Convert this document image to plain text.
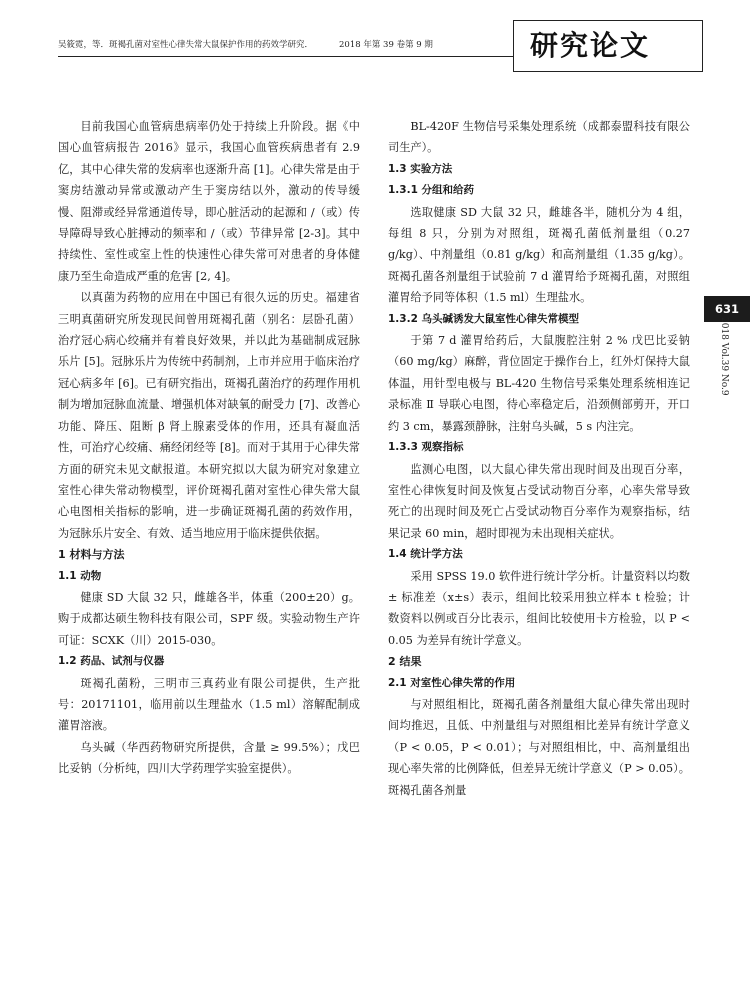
吴筱霓，等．斑褐孔菌对室性心律失常大鼠保护作用的药效学研究．	2018 年第 39 卷第 9 期	研究论文

目前我国心血管病患病率仍处于持续上升阶段。据《中国心血管病报告 2016》显示，我国心血管疾病患者有 2.9 亿，其中心律失常的发病率也逐渐升高 [1]。心律失常是由于窦房结激动异常或激动产生于窦房结以外，激动的传导缓慢、阻滞或经异常通道传导，即心脏活动的起源和 /（或）传导障碍导致心脏搏动的频率和 /（或）节律异常 [2-3]。其中持续性、室性或室上性的快速性心律失常可对患者的身体健康乃至生命造成严重的危害 [2, 4]。

以真菌为药物的应用在中国已有很久远的历史。福建省三明真菌研究所发现民间曾用斑褐孔菌（别名：层卧孔菌）治疗冠心病心绞痛并有着良好效果，并以此为基础制成冠脉乐片 [5]。冠脉乐片为传统中药制剂，上市并应用于临床治疗冠心病多年 [6]。已有研究指出，斑褐孔菌治疗的药理作用机制为增加冠脉血流量、增强机体对缺氧的耐受力 [7]、改善心功能、降压、阻断 β 肾上腺素受体的作用，还具有凝血活性，可治疗心绞痛、痛经闭经等 [8]。而对于其用于心律失常方面的研究未见文献报道。本研究拟以大鼠为研究对象建立室性心律失常动物模型，评价斑褐孔菌对室性心律失常大鼠心电图相关指标的影响，进一步确证斑褐孔菌的药效作用，为冠脉乐片安全、有效、适当地应用于临床提供依据。

1 材料与方法
1.1 动物

健康 SD 大鼠 32 只，雌雄各半，体重（200±20）g。购于成都达硕生物科技有限公司，SPF 级。实验动物生产许可证：SCXK（川）2015-030。

1.2 药品、试剂与仪器

斑褐孔菌粉，三明市三真药业有限公司提供，生产批号：20171101，临用前以生理盐水（1.5 ml）溶解配制成灌胃溶液。

乌头碱（华西药物研究所提供，含量 ≥ 99.5%）；戊巴比妥钠（分析纯，四川大学药理学实验室提供）。

BL-420F 生物信号采集处理系统（成都泰盟科技有限公司生产）。

1.3 实验方法
1.3.1 分组和给药

选取健康 SD 大鼠 32 只，雌雄各半，随机分为 4 组，每组 8 只，分别为对照组，斑褐孔菌低剂量组（0.27 g/kg）、中剂量组（0.81 g/kg）和高剂量组（1.35 g/kg）。斑褐孔菌各剂量组于试验前 7 d 灌胃给予斑褐孔菌，对照组灌胃给予同等体积（1.5 ml）生理盐水。

1.3.2 乌头碱诱发大鼠室性心律失常模型

于第 7 d 灌胃给药后，大鼠腹腔注射 2 % 戊巴比妥钠（60 mg/kg）麻醉，背位固定于操作台上，红外灯保持大鼠体温，用针型电极与 BL-420 生物信号采集处理系统相连记录标准 Ⅱ 导联心电图，待心率稳定后，沿颈侧部剪开，开口约 3 cm，暴露颈静脉，注射乌头碱，5 s 内注完。

1.3.3 观察指标

监测心电图，以大鼠心律失常出现时间及出现百分率，室性心律恢复时间及恢复占受试动物百分率，心率失常导致死亡的出现时间及死亡占受试动物百分率作为观察指标，结果记录 60 min，超时即视为未出现相关症状。

1.4 统计学方法

采用 SPSS 19.0 软件进行统计学分析。计量资料以均数 ± 标准差（x±s）表示，组间比较采用独立样本 t 检验；计数资料以例或百分比表示，组间比较使用卡方检验，以 P < 0.05 为差异有统计学意义。

2 结果
2.1 对室性心律失常的作用

与对照组相比，斑褐孔菌各剂量组大鼠心律失常出现时间均推迟，且低、中剂量组与对照组相比差异有统计学意义（P < 0.05，P < 0.01）；与对照组相比，中、高剂量组出现心率失常的比例降低，但差异无统计学意义（P > 0.05）。斑褐孔菌各剂量

631
2018 Vol.39 No.9
